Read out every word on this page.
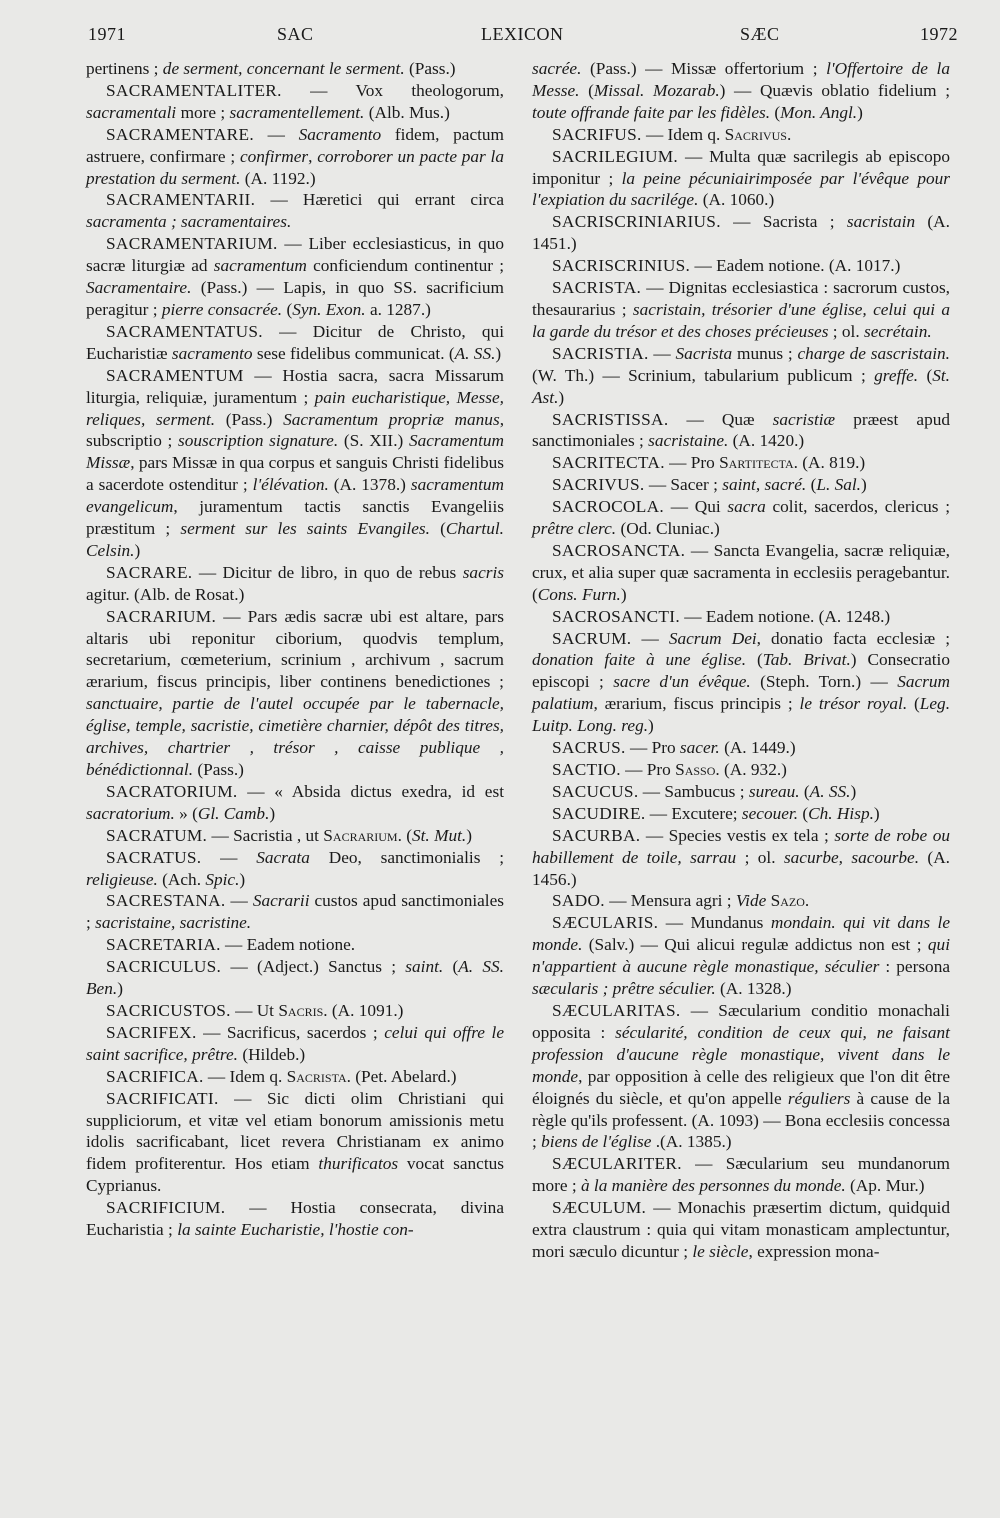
1971	SAC	LEXICON	SÆC	1972

pertinens ; de serment, concernant le serment. (Pass.)

SACRAMENTALITER. — Vox theologorum, sacramentali more ; sacramentellement. (Alb. Mus.)

SACRAMENTARE. — Sacramento fidem, pactum astruere, confirmare ; confirmer, corroborer un pacte par la prestation du serment. (A. 1192.)

SACRAMENTARII. — Hæretici qui errant circa sacramenta ; sacramentaires.

SACRAMENTARIUM. — Liber ecclesiasticus, in quo sacræ liturgiæ ad sacramentum conficiendum continentur ; Sacramentaire. (Pass.) — Lapis, in quo SS. sacrificium peragitur ; pierre consacrée. (Syn. Exon. a. 1287.)

SACRAMENTATUS. — Dicitur de Christo, qui Eucharistiæ sacramento sese fidelibus communicat. (A. SS.)

SACRAMENTUM — Hostia sacra, sacra Missarum liturgia, reliquiæ, juramentum ; pain eucharistique, Messe, reliques, serment. (Pass.) Sacramentum propriæ manus, subscriptio ; souscription signature. (S. XII.) Sacramentum Missæ, pars Missæ in qua corpus et sanguis Christi fidelibus a sacerdote ostenditur ; l'élévation. (A. 1378.) sacramentum evangelicum, juramentum tactis sanctis Evangeliis præstitum ; serment sur les saints Evangiles. (Chartul. Celsin.)

SACRARE. — Dicitur de libro, in quo de rebus sacris agitur. (Alb. de Rosat.)

SACRARIUM. — Pars ædis sacræ ubi est altare, pars altaris ubi reponitur ciborium, quodvis templum, secretarium, cœmeterium, scrinium , archivum , sacrum ærarium, fiscus principis, liber continens benedictiones ; sanctuaire, partie de l'autel occupée par le tabernacle, église, temple, sacristie, cimetière charnier, dépôt des titres, archives, chartrier , trésor , caisse publique , bénédictionnal. (Pass.)

SACRATORIUM. — « Absida dictus exedra, id est sacratorium. » (Gl. Camb.)

SACRATUM. — Sacristia , ut Sacrarium. (St. Mut.)

SACRATUS. — Sacrata Deo, sanctimonialis ; religieuse. (Ach. Spic.)

SACRESTANA. — Sacrarii custos apud sanctimoniales ; sacristaine, sacristine.

SACRETARIA. — Eadem notione.

SACRICULUS. — (Adject.) Sanctus ; saint. (A. SS. Ben.)

SACRICUSTOS. — Ut Sacris. (A. 1091.)

SACRIFEX. — Sacrificus, sacerdos ; celui qui offre le saint sacrifice, prêtre. (Hildeb.)

SACRIFICA. — Idem q. Sacrista. (Pet. Abelard.)

SACRIFICATI. — Sic dicti olim Christiani qui suppliciorum, et vitæ vel etiam bonorum amissionis metu idolis sacrificabant, licet revera Christianam ex animo fidem profiterentur. Hos etiam thurificatos vocat sanctus Cyprianus.

SACRIFICIUM. — Hostia consecrata, divina Eucharistia ; la sainte Eucharistie, l'hostie con-

sacrée. (Pass.) — Missæ offertorium ; l'Offertoire de la Messe. (Missal. Mozarab.) — Quævis oblatio fidelium ; toute offrande faite par les fidèles. (Mon. Angl.)

SACRIFUS. — Idem q. Sacrivus.

SACRILEGIUM. — Multa quæ sacrilegis ab episcopo imponitur ; la peine pécuniairimposée par l'évêque pour l'expiation du sacrilége. (A. 1060.)

SACRISCRINIARIUS. — Sacrista ; sacristain (A. 1451.)

SACRISCRINIUS. — Eadem notione. (A. 1017.)

SACRISTA. — Dignitas ecclesiastica : sacrorum custos, thesaurarius ; sacristain, trésorier d'une église, celui qui a la garde du trésor et des choses précieuses ; ol. secrétain.

SACRISTIA. — Sacrista munus ; charge de sascristain. (W. Th.) — Scrinium, tabularium publicum ; greffe. (St. Ast.)

SACRISTISSA. — Quæ sacristiæ præest apud sanctimoniales ; sacristaine. (A. 1420.)

SACRITECTA. — Pro Sartitecta. (A. 819.)

SACRIVUS. — Sacer ; saint, sacré. (L. Sal.)

SACROCOLA. — Qui sacra colit, sacerdos, clericus ; prêtre clerc. (Od. Cluniac.)

SACROSANCTA. — Sancta Evangelia, sacræ reliquiæ, crux, et alia super quæ sacramenta in ecclesiis peragebantur. (Cons. Furn.)

SACROSANCTI. — Eadem notione. (A. 1248.)

SACRUM. — Sacrum Dei, donatio facta ecclesiæ ; donation faite à une église. (Tab. Brivat.) Consecratio episcopi ; sacre d'un évêque. (Steph. Torn.) — Sacrum palatium, ærarium, fiscus principis ; le trésor royal. (Leg. Luitp. Long. reg.)

SACRUS. — Pro sacer. (A. 1449.)

SACTIO. — Pro Sasso. (A. 932.)

SACUCUS. — Sambucus ; sureau. (A. SS.)

SACUDIRE. — Excutere; secouer. (Ch. Hisp.)

SACURBA. — Species vestis ex tela ; sorte de robe ou habillement de toile, sarrau ; ol. sacurbe, sacourbe. (A. 1456.)

SADO. — Mensura agri ; Vide Sazo.

SÆCULARIS. — Mundanus mondain. qui vit dans le monde. (Salv.) — Qui alicui regulæ addictus non est ; qui n'appartient à aucune règle monastique, séculier : persona sæcularis ; prêtre séculier. (A. 1328.)

SÆCULARITAS. — Sæcularium conditio monachali opposita : sécularité, condition de ceux qui, ne faisant profession d'aucune règle monastique, vivent dans le monde, par opposition à celle des religieux que l'on dit être éloignés du siècle, et qu'on appelle réguliers à cause de la règle qu'ils professent. (A. 1093) — Bona ecclesiis concessa ; biens de l'église .(A. 1385.)

SÆCULARITER. — Sæcularium seu mundanorum more ; à la manière des personnes du monde. (Ap. Mur.)

SÆCULUM. — Monachis præsertim dictum, quidquid extra claustrum : quia qui vitam monasticam amplectuntur, mori sæculo dicuntur ; le siècle, expression mona-
